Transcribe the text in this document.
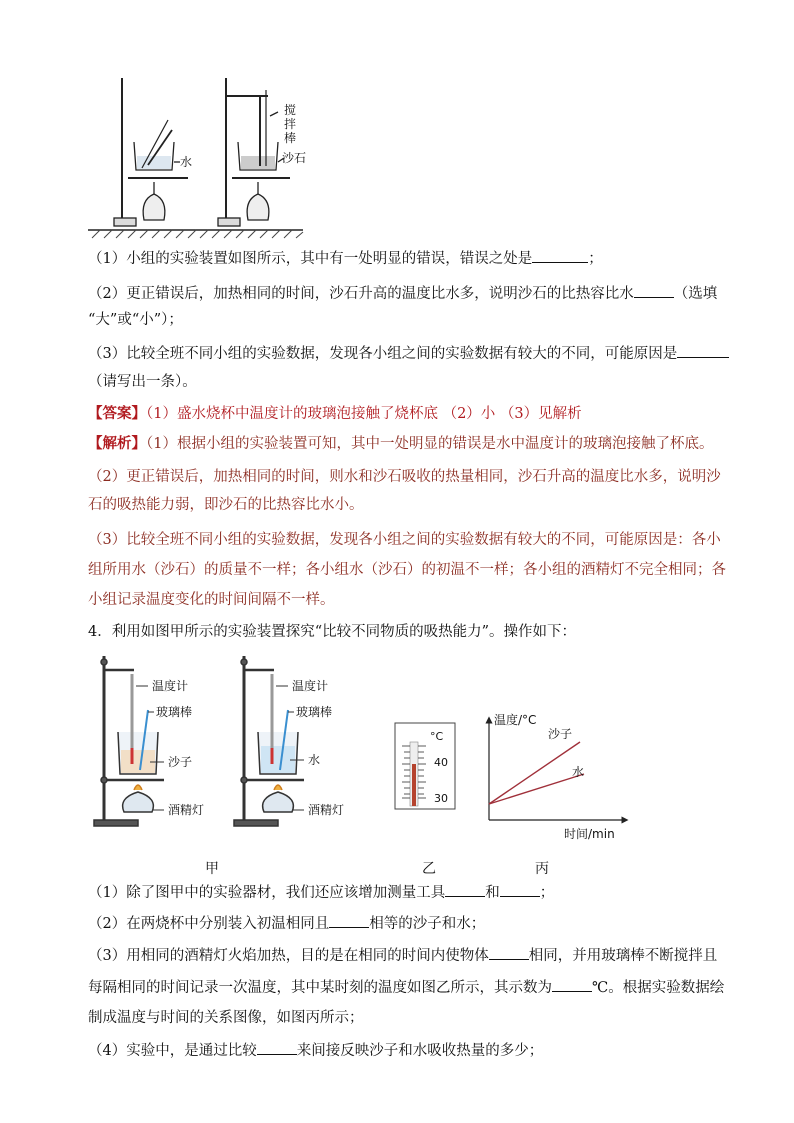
水
搅
拌
棒
沙石
（1）小组的实验装置如图所示，其中有一处明显的错误，错误之处是	；
（2）更正错误后，加热相同的时间，沙石升高的温度比水多，说明沙石的比热容比水	（选填
“大”或“小”）；
（3）比较全班不同小组的实验数据，发现各小组之间的实验数据有较大的不同，可能原因是
（请写出一条）。
【答案】（1）盛水烧杯中温度计的玻璃泡接触了烧杯底 （2）小 （3）见解析
【解析】（1）根据小组的实验装置可知，其中一处明显的错误是水中温度计的玻璃泡接触了杯底。
（2）更正错误后，加热相同的时间，则水和沙石吸收的热量相同，沙石升高的温度比水多，说明沙
石的吸热能力弱，即沙石的比热容比水小。
（3）比较全班不同小组的实验数据，发现各小组之间的实验数据有较大的不同，可能原因是：各小
组所用水（沙石）的质量不一样；各小组水（沙石）的初温不一样；各小组的酒精灯不完全相同；各
小组记录温度变化的时间间隔不一样。
4．利用如图甲所示的实验装置探究“比较不同物质的吸热能力”。操作如下：
温度计
玻璃棒
沙子
酒精灯
温度计
玻璃棒
水
酒精灯
°C
40
30
温度/°C
沙子
水
时间/min
甲	乙	丙
（1）除了图甲中的实验器材，我们还应该增加测量工具	和	；
（2）在两烧杯中分别装入初温相同且	相等的沙子和水；
（3）用相同的酒精灯火焰加热，目的是在相同的时间内使物体	相同，并用玻璃棒不断搅拌且
每隔相同的时间记录一次温度，其中某时刻的温度如图乙所示，其示数为	℃。根据实验数据绘
制成温度与时间的关系图像，如图丙所示；
（4）实验中，是通过比较	来间接反映沙子和水吸收热量的多少；
